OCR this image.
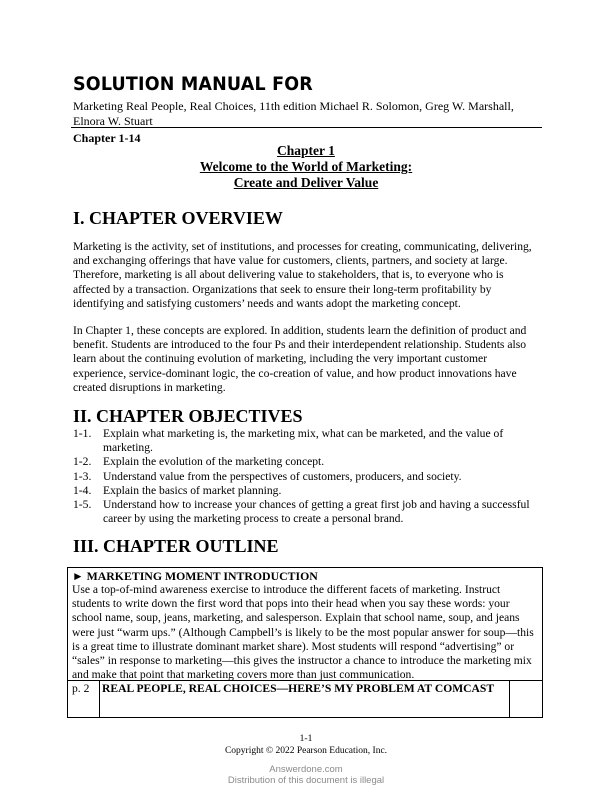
SOLUTION MANUAL FOR
Marketing Real People, Real Choices, 11th edition Michael R. Solomon, Greg W. Marshall, Elnora W. Stuart
Chapter 1-14
Chapter 1
Welcome to the World of Marketing:
Create and Deliver Value
I. CHAPTER OVERVIEW
Marketing is the activity, set of institutions, and processes for creating, communicating, delivering, and exchanging offerings that have value for customers, clients, partners, and society at large. Therefore, marketing is all about delivering value to stakeholders, that is, to everyone who is affected by a transaction. Organizations that seek to ensure their long-term profitability by identifying and satisfying customers’ needs and wants adopt the marketing concept.
In Chapter 1, these concepts are explored. In addition, students learn the definition of product and benefit. Students are introduced to the four Ps and their interdependent relationship. Students also learn about the continuing evolution of marketing, including the very important customer experience, service-dominant logic, the co-creation of value, and how product innovations have created disruptions in marketing.
II. CHAPTER OBJECTIVES
1-1.	Explain what marketing is, the marketing mix, what can be marketed, and the value of marketing.
1-2.	Explain the evolution of the marketing concept.
1-3.	Understand value from the perspectives of customers, producers, and society.
1-4.	Explain the basics of market planning.
1-5.	Understand how to increase your chances of getting a great first job and having a successful career by using the marketing process to create a personal brand.
III. CHAPTER OUTLINE
► MARKETING MOMENT INTRODUCTION
Use a top-of-mind awareness exercise to introduce the different facets of marketing. Instruct students to write down the first word that pops into their head when you say these words: your school name, soup, jeans, marketing, and salesperson. Explain that school name, soup, and jeans were just “warm ups.” (Although Campbell’s is likely to be the most popular answer for soup—this is a great time to illustrate dominant market share). Most students will respond “advertising” or “sales” in response to marketing—this gives the instructor a chance to introduce the marketing mix and make that point that marketing covers more than just communication.
p. 2 REAL PEOPLE, REAL CHOICES—HERE’S MY PROBLEM AT COMCAST
1-1
Copyright © 2022 Pearson Education, Inc.
Answerdone.com
Distribution of this document is illegal
